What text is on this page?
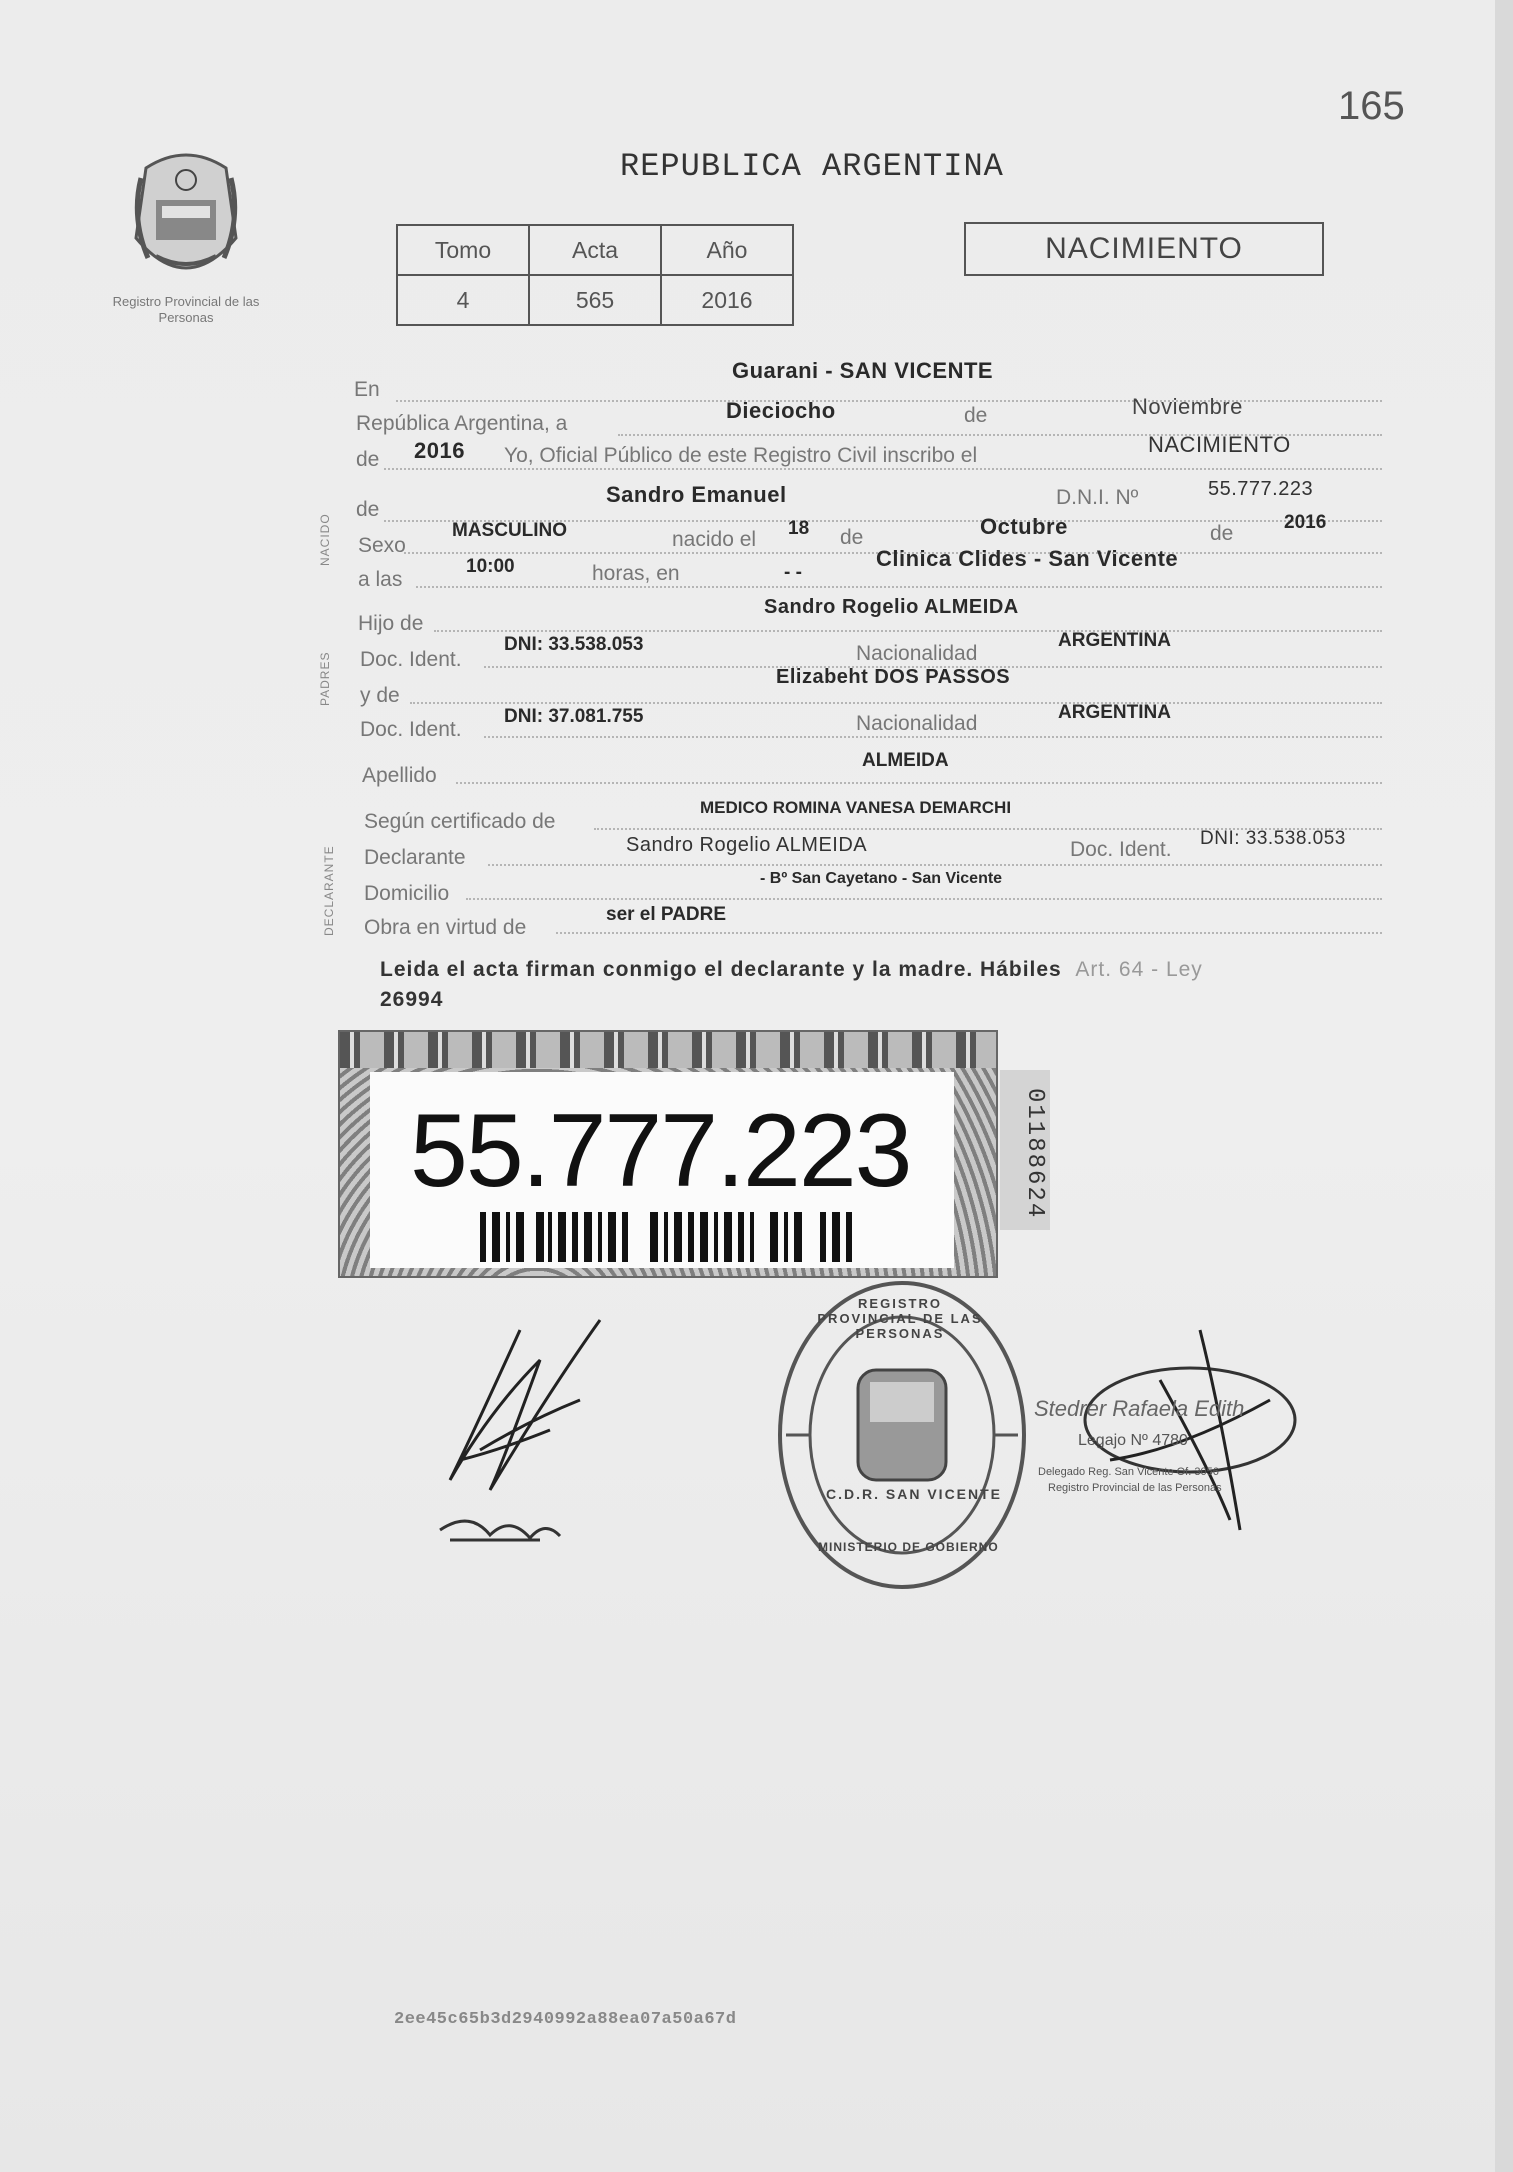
165
Registro Provincial de las Personas
REPUBLICA ARGENTINA
Tomo	Acta	Año
4	565	2016
NACIMIENTO
NACIDO
PADRES
DECLARANTE
En
Guarani - SAN VICENTE
República Argentina, a
Dieciocho	de	Noviembre
de 2016 Yo, Oficial Público de este Registro Civil inscribo el	NACIMIENTO
de
Sandro Emanuel	D.N.I. Nº	55.777.223
Sexo
MASCULINO	nacido el 18 de	Octubre	de	2016
a las
10:00	horas, en	- -
Clinica Clides - San Vicente
Hijo de
Sandro Rogelio ALMEIDA
Doc. Ident.
DNI: 33.538.053	Nacionalidad
ARGENTINA
y de
Elizabeht DOS PASSOS
Doc. Ident.
DNI: 37.081.755	Nacionalidad	ARGENTINA
Apellido
ALMEIDA
Según certificado de
MEDICO ROMINA VANESA DEMARCHI
Declarante
Sandro Rogelio ALMEIDA	Doc. Ident. DNI: 33.538.053
Domicilio
- Bº San Cayetano - San Vicente
Obra en virtud de
ser el PADRE
Leida el acta firman conmigo el declarante y la madre. Hábiles Art. 64 - Ley
26994
55.777.223	01188624
REGISTRO PROVINCIAL DE LAS PERSONAS
C.D.R. SAN VICENTE
MINISTERIO DE GOBIERNO
Stedrer Rafaela Edith
Legajo Nº 4780
Delegado Reg. San Vicente Of. 3056
Registro Provincial de las Personas
2ee45c65b3d2940992a88ea07a50a67d
